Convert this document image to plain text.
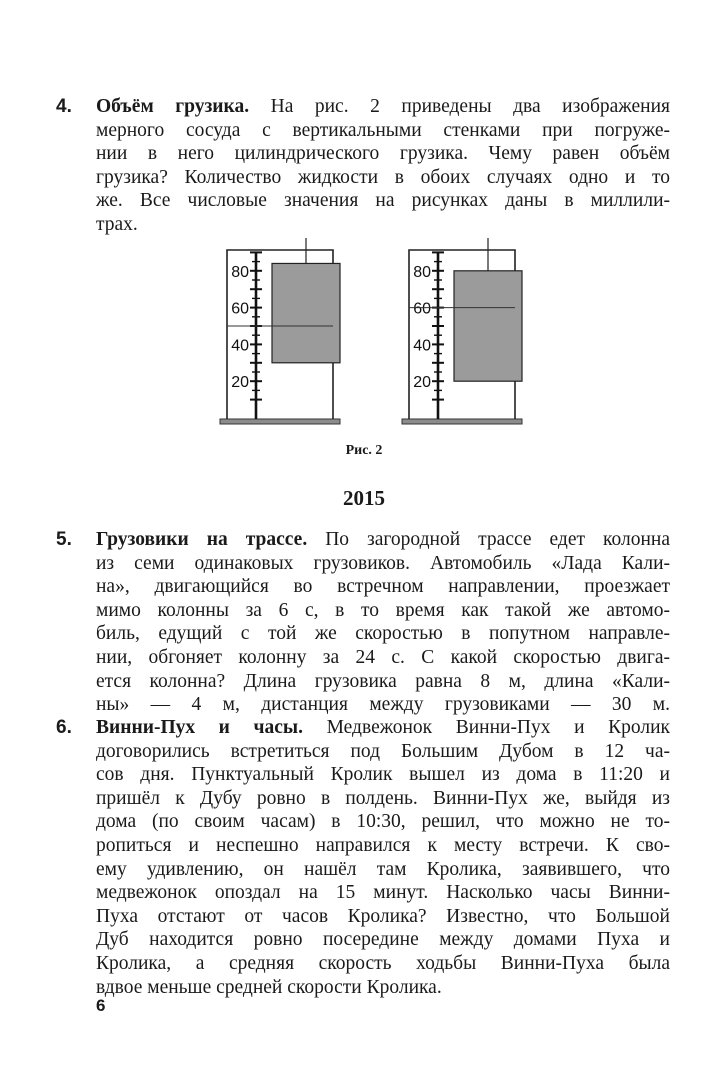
4.	Объём грузика. На рис. 2 приведены два изображения
мерного сосуда с вертикальными стенками при погруже-
нии в него цилиндрического грузика. Чему равен объём
грузика? Количество жидкости в обоих случаях одно и то
же. Все числовые значения на рисунках даны в миллили-
трах.
80
60
40
20
80
60
40
20
Рис. 2
2015
5.	Грузовики на трассе. По загородной трассе едет колонна
из семи одинаковых грузовиков. Автомобиль «Лада Кали-
на», двигающийся во встречном направлении, проезжает
мимо колонны за 6 с, в то время как такой же автомо-
биль, едущий с той же скоростью в попутном направле-
нии, обгоняет колонну за 24 с. С какой скоростью двига-
ется колонна? Длина грузовика равна 8 м, длина «Кали-
ны» — 4 м, дистанция между грузовиками — 30 м.
6.	Винни-Пух и часы. Медвежонок Винни-Пух и Кролик
договорились встретиться под Большим Дубом в 12 ча-
сов дня. Пунктуальный Кролик вышел из дома в 11:20 и
пришёл к Дубу ровно в полдень. Винни-Пух же, выйдя из
дома (по своим часам) в 10:30, решил, что можно не то-
ропиться и неспешно направился к месту встречи. К сво-
ему удивлению, он нашёл там Кролика, заявившего, что
медвежонок опоздал на 15 минут. Насколько часы Винни-
Пуха отстают от часов Кролика? Известно, что Большой
Дуб находится ровно посередине между домами Пуха и
Кролика, а средняя скорость ходьбы Винни-Пуха была
вдвое меньше средней скорости Кролика.
6
